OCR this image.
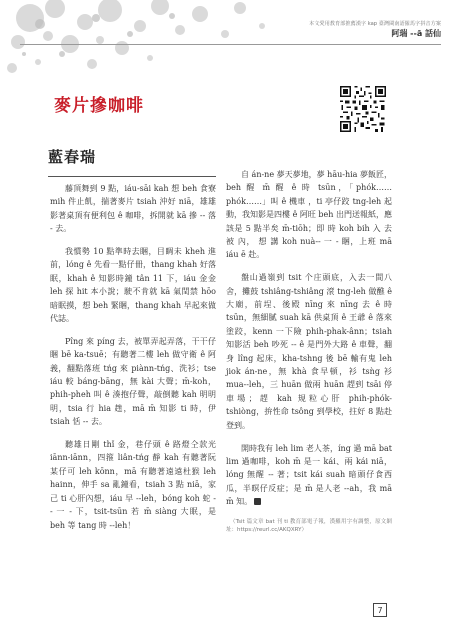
本文愛用教育部推薦漢字 kap 臺灣閩南語羅馬字拼音方案
阿瑞 --ā 話仙
麥片摻咖啡
藍春瑞

藤頂舞到 9 點，iáu-sāi kah 想 beh 食寮 mih 件止飢，揣著麥片 tsiah 沖好 niā，雄雄影著桌頂有便利包 ê 咖啡，拆開就 kā 摻 -- 落 - 去。

我慣勢 10 點準時去睏，目睭未 kheh 進前，lóng ê 先看一點仔冊，thang khah 好落眠，khah ê 知影時鐘 tân 11 下，iáu 金金 leh 探 hit 本小說；駛不肯就 kā 氣閏禁 hōo 暗眠摸，想 beh 緊睏，thang khah 早起來做代誌。

Pîng 來 píng 去，被單弄起弄落，干干仔睏 bē ka-tsuē；有聽著二樓 leh 做守衛 ê 阿義，翻點落班 tńg 來 piànn-tńg、洗衫；tse iáu 較 báng-bāng，無 kài 大聲；m̄-koh，phih-pheh 叫 ê 湊抱仔聲，敲倒聽 kah 明明明，tsia 行 hia 趖，mā m̄ 知影 ti 時，伊 tsiah 恬 -- 去。

聽雄日剛 thǐ 金，巷仔頭 ê 路燈仝款光 iānn-iānn，四箍 liân-tńg 靜 kah 有聽著阮某仔可 leh kōnn，mā 有聽著遠遠杜猴 leh hainn，伸手 sa 亂鐘看，tsiah 3 點 niā，家己 ti 心肝內想，iáu 早 --leh，bóng koh 蛇 -- 一 - 下，tsit-tsūn 若 m̄ siàng 大眠，是 beh 等 tang 時 --leh！

自 án-ne 夢天夢地，夢 hāu-hia 夢飯匠，beh 醒 m̄ 醒 ê 時 tsūn，「phók……phók……」叫 ê 機車 ，ti 亭仔跤 tng-leh 起動，我知影是四樓 ê 阿旺 beh 出門送報紙，應該是 5 點半矣 m̄-tiōh；即 時 koh bih 入 去 被 內， 想 講 koh nuà-- 一 - 睏，上班 mā iáu ē 赴。

盤山過嶺到 tsit 个庄頭底，入去一間八舍，攤鼓 tshiâng-tshiâng 滾 tng-leh 做醮 ê 大廟，前埕、後殿 nīng 來 nīng 去 ê 時 tsūn，無細膩 suah kā 供桌頂 ê 王爺 ê 落來塗跤，kenn 一下險 phih-phak-ânn；tsiah 知影活 beh 吵死 -- ê 是門外大路 ê 車聲，翻身 lîng 起床，kha-tshng 後 bē 輸有鬼 leh jiok án-ne，無 khà 食早頓，衫 tsǹg 衫 mua--leh，三 huān 做兩 huān 趕到 tsāi 停車場；趕 kah 規粒心肝 phih-phók-tshiòng，拚性命 tsông 到學校，拄好 8 點赴登到。

開時我有 leh lim 老人茶，íng 過 mā bat lim 過咖啡，koh m̄ 是一 kái、兩 kái niā，lóng 無醒 -- 著；tsit kái suah 暗頭仔食西瓜，半暝仔反症；是 m̄ 是人老 --ah，我 mā m̄ 知。

（Tsit 篇文章 bat 刊 ti 教育部電子報，漢羅用字有調整，原文網址：https://reurl.cc/AKQXRY）

7
